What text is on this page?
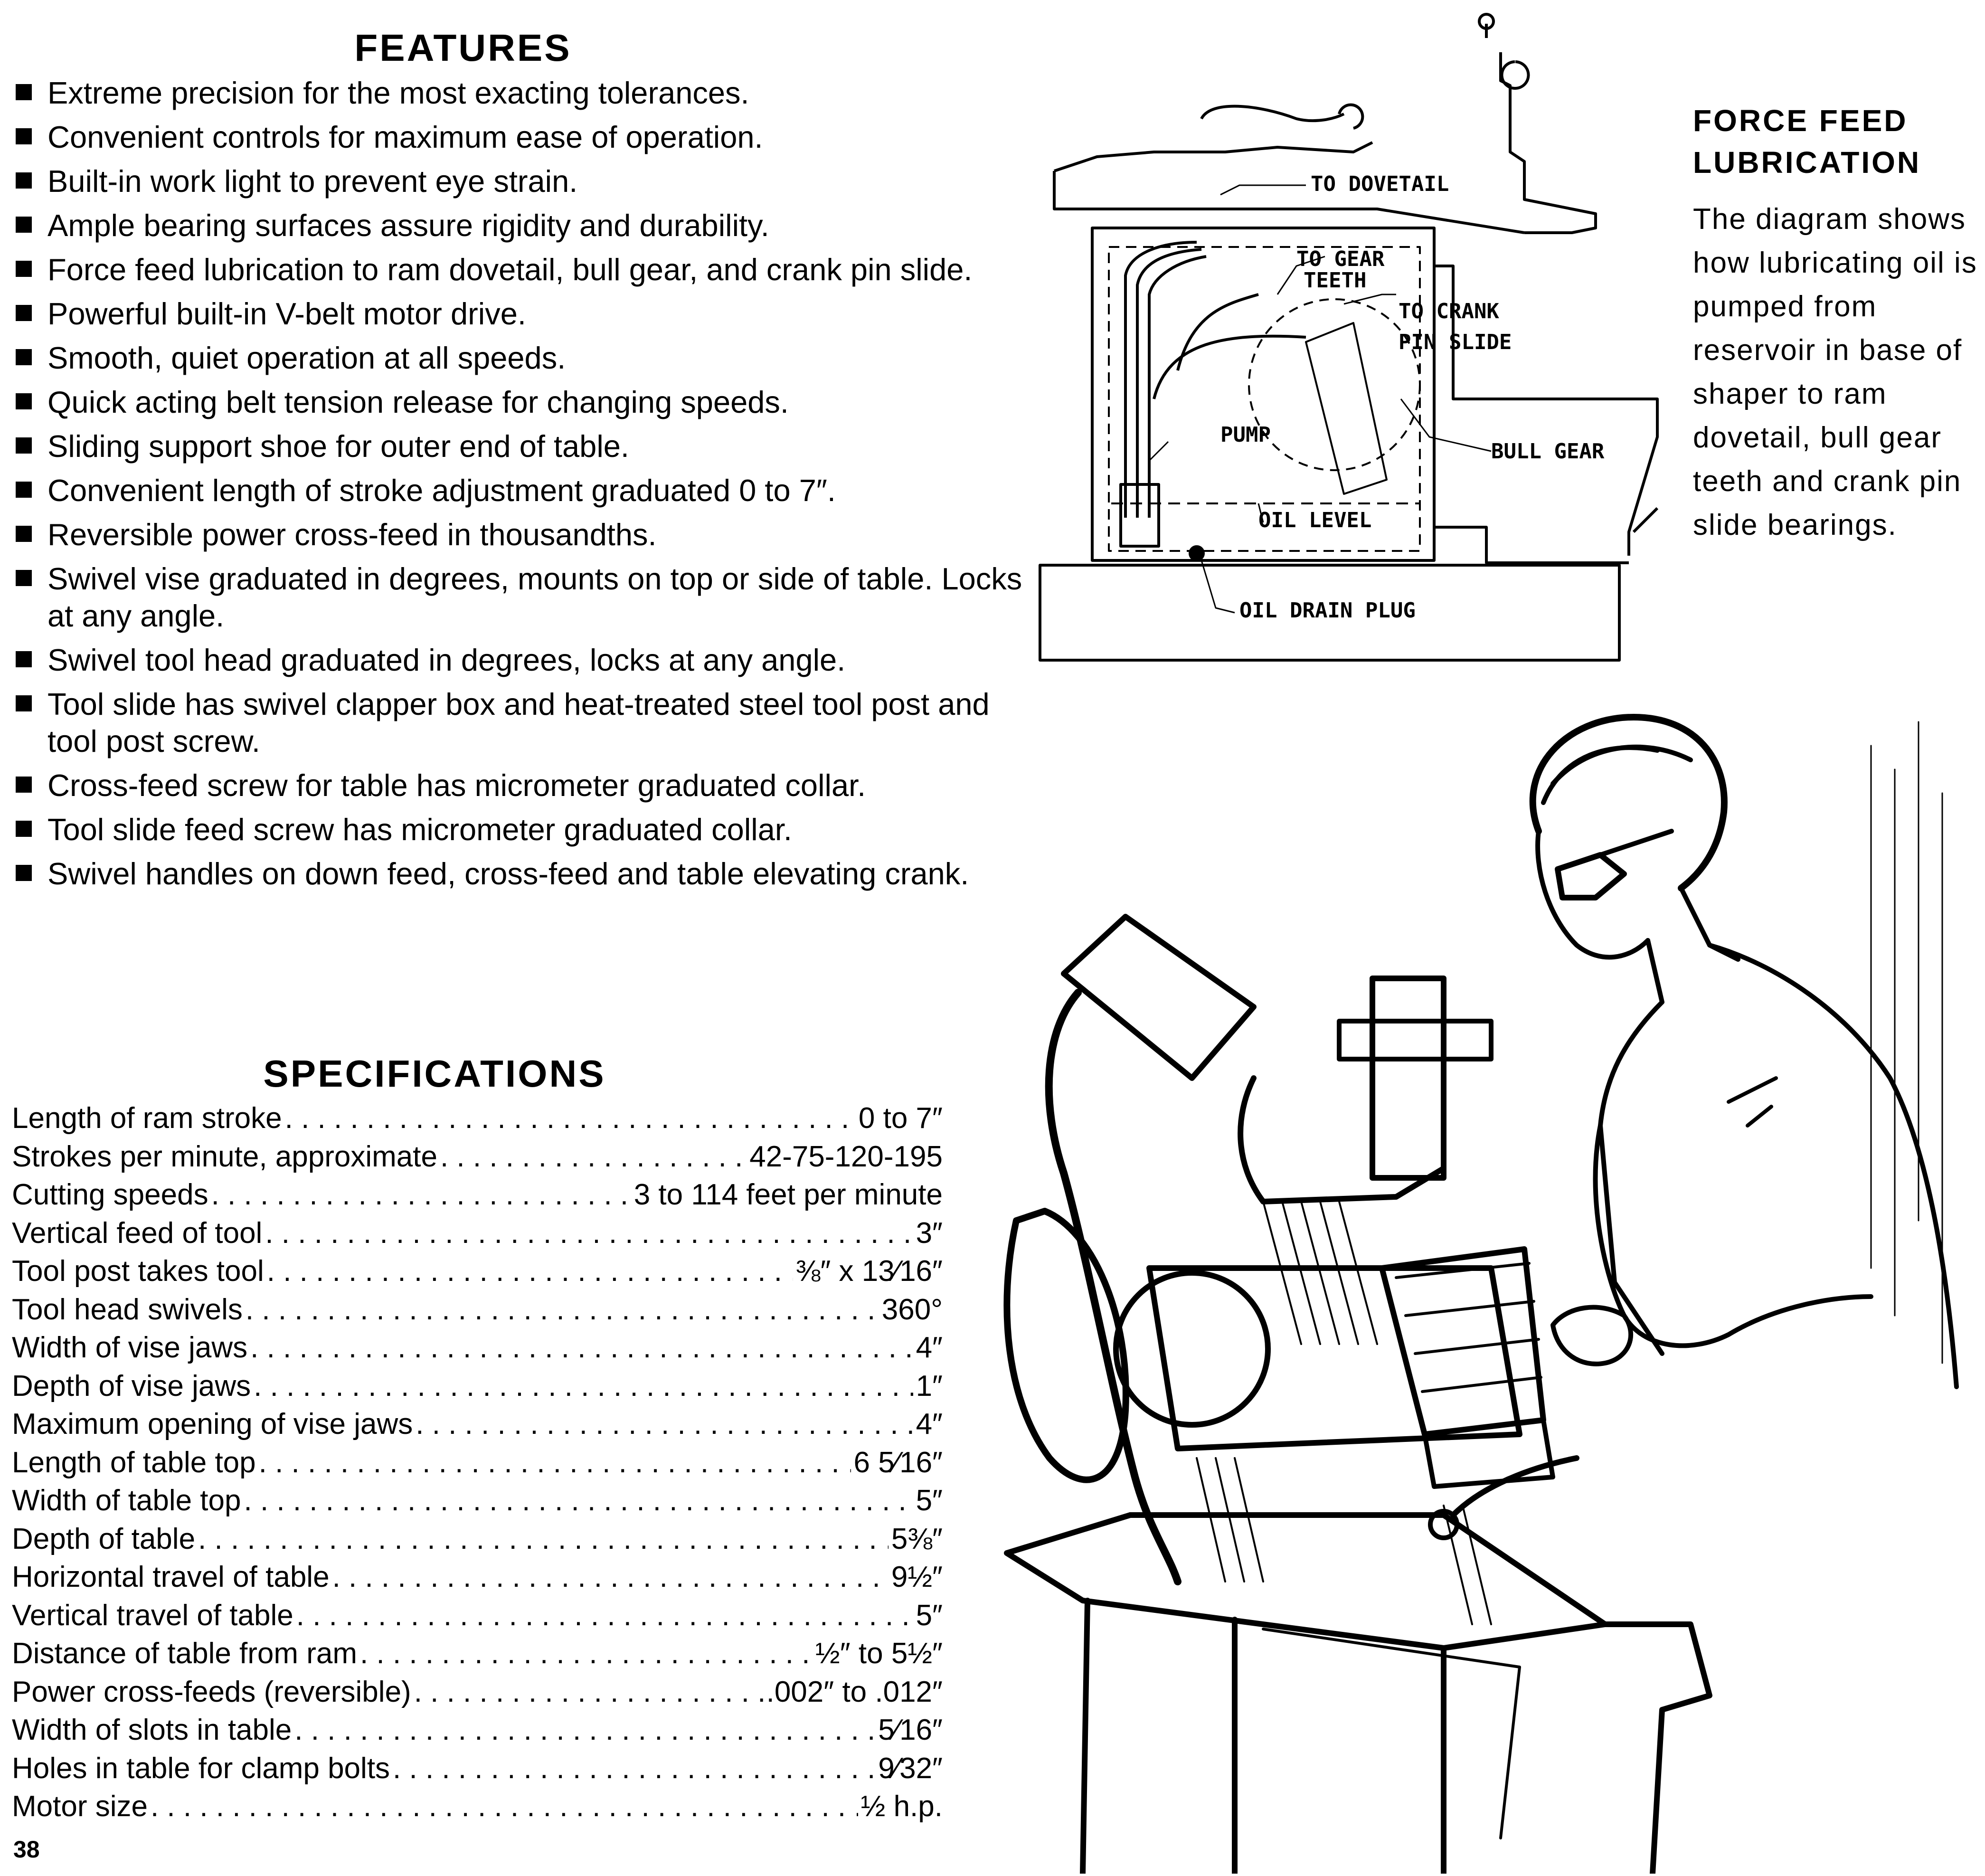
FEATURES
Extreme precision for the most exacting tolerances.
Convenient controls for maximum ease of operation.
Built-in work light to prevent eye strain.
Ample bearing surfaces assure rigidity and durability.
Force feed lubrication to ram dovetail, bull gear, and crank pin slide.
Powerful built-in V-belt motor drive.
Smooth, quiet operation at all speeds.
Quick acting belt tension release for changing speeds.
Sliding support shoe for outer end of table.
Convenient length of stroke adjustment graduated 0 to 7″.
Reversible power cross-feed in thousandths.
Swivel vise graduated in degrees, mounts on top or side of table. Locks at any angle.
Swivel tool head graduated in degrees, locks at any angle.
Tool slide has swivel clapper box and heat-treated steel tool post and tool post screw.
Cross-feed screw for table has micrometer graduated collar.
Tool slide feed screw has micrometer graduated collar.
Swivel handles on down feed, cross-feed and table elevating crank.
SPECIFICATIONS
Length of ram stroke . . .	0 to 7″
Strokes per minute, approximate . . .	42-75-120-195
Cutting speeds . . .	3 to 114 feet per minute
Vertical feed of tool . . .	3″
Tool post takes tool . . .	⅜″ x 13⁄16″
Tool head swivels . . .	360°
Width of vise jaws . . .	4″
Depth of vise jaws . . .	1″
Maximum opening of vise jaws . . .	4″
Length of table top . . .	6 5⁄16″
Width of table top . . .	5″
Depth of table . . .	5⅜″
Horizontal travel of table . . .	9½″
Vertical travel of table . . .	5″
Distance of table from ram . . .	½″ to 5½″
Power cross-feeds (reversible) . . .	.002″ to .012″
Width of slots in table . . .	5⁄16″
Holes in table for clamp bolts . . .	9⁄32″
Motor size . . .	½ h.p.
38
TO DOVETAIL
TO GEAR
TEETH
TO CRANK
PIN SLIDE
PUMP
BULL GEAR
OIL LEVEL
OIL DRAIN PLUG
FORCE FEED
LUBRICATION
The diagram shows how lubricating oil is pumped from reservoir in base of shaper to ram dovetail, bull gear teeth and crank pin slide bearings.
